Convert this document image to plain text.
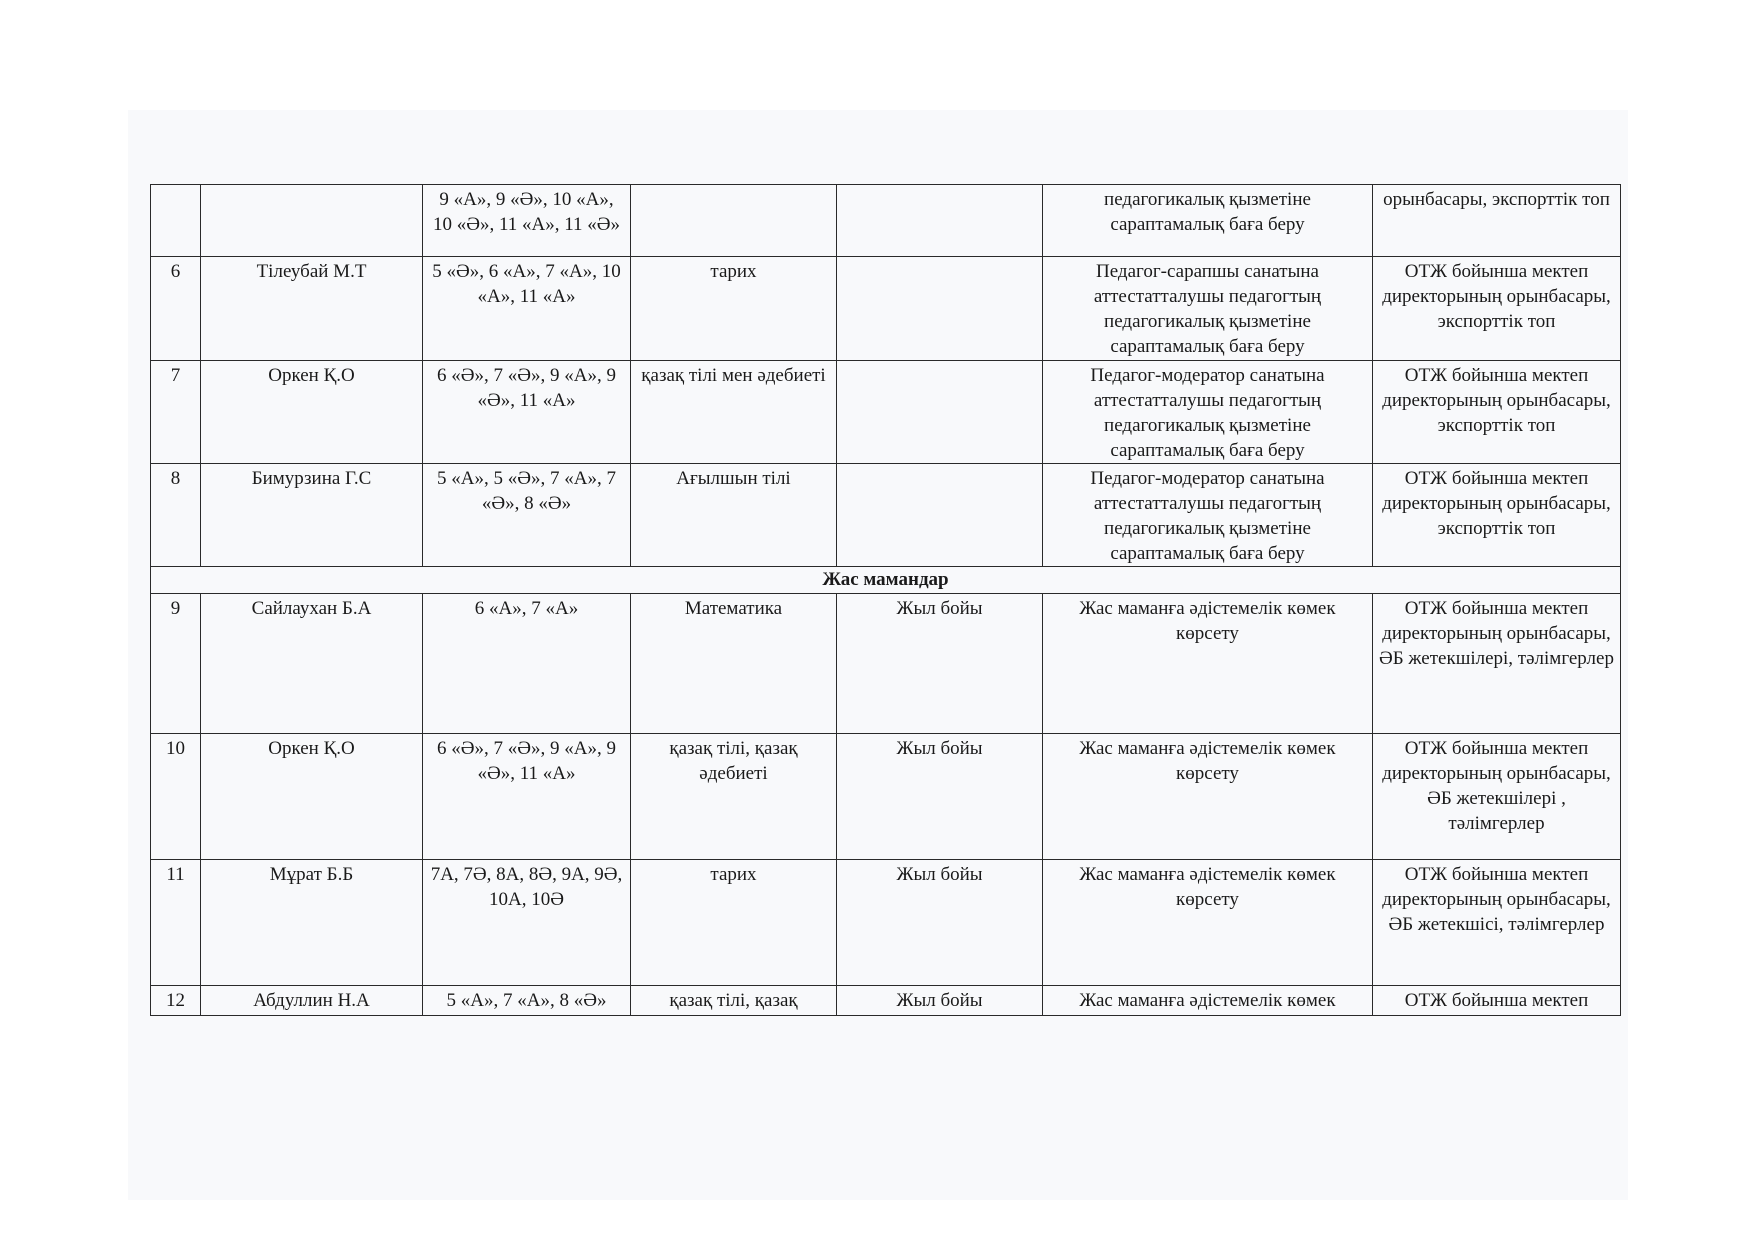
		9 «А», 9 «Ә», 10 «А», 10 «Ә», 11 «А», 11 «Ә»			педагогикалық қызметіне сараптамалық баға беру	орынбасары, экспорттік топ
6	Тілеубай М.Т	5 «Ә», 6 «А», 7 «А», 10 «А», 11 «А»	тарих		Педагог-сарапшы санатына аттестатталушы педагогтың педагогикалық қызметіне сараптамалық баға беру	ОТЖ бойынша мектеп директорының орынбасары, экспорттік топ
7	Оркен Қ.О	6 «Ә», 7 «Ә», 9 «А», 9 «Ә», 11 «А»	қазақ тілі мен әдебиеті		Педагог-модератор санатына аттестатталушы педагогтың педагогикалық қызметіне сараптамалық баға беру	ОТЖ бойынша мектеп директорының орынбасары, экспорттік топ
8	Бимурзина Г.С	5 «А», 5 «Ә», 7 «А», 7 «Ә», 8 «Ә»	Ағылшын тілі		Педагог-модератор санатына аттестатталушы педагогтың педагогикалық қызметіне сараптамалық баға беру	ОТЖ бойынша мектеп директорының орынбасары, экспорттік топ
Жас мамандар						
9	Сайлаухан Б.А	6 «А», 7 «А»	Математика	Жыл бойы	Жас маманға әдістемелік көмек көрсету	ОТЖ бойынша мектеп директорының орынбасары, ӘБ жетекшілері, тәлімгерлер
10	Оркен Қ.О	6 «Ә», 7 «Ә», 9 «А», 9 «Ә», 11 «А»	қазақ тілі, қазақ әдебиеті	Жыл бойы	Жас маманға әдістемелік көмек көрсету	ОТЖ бойынша мектеп директорының орынбасары, ӘБ жетекшілері , тәлімгерлер
11	Мұрат Б.Б	7А, 7Ә, 8А, 8Ә, 9А, 9Ә, 10А, 10Ә	тарих	Жыл бойы	Жас маманға әдістемелік көмек көрсету	ОТЖ бойынша мектеп директорының орынбасары, ӘБ жетекшісі, тәлімгерлер
12	Абдуллин Н.А	5 «А», 7 «А», 8 «Ә»	қазақ тілі, қазақ	Жыл бойы	Жас маманға әдістемелік көмек	ОТЖ бойынша мектеп
